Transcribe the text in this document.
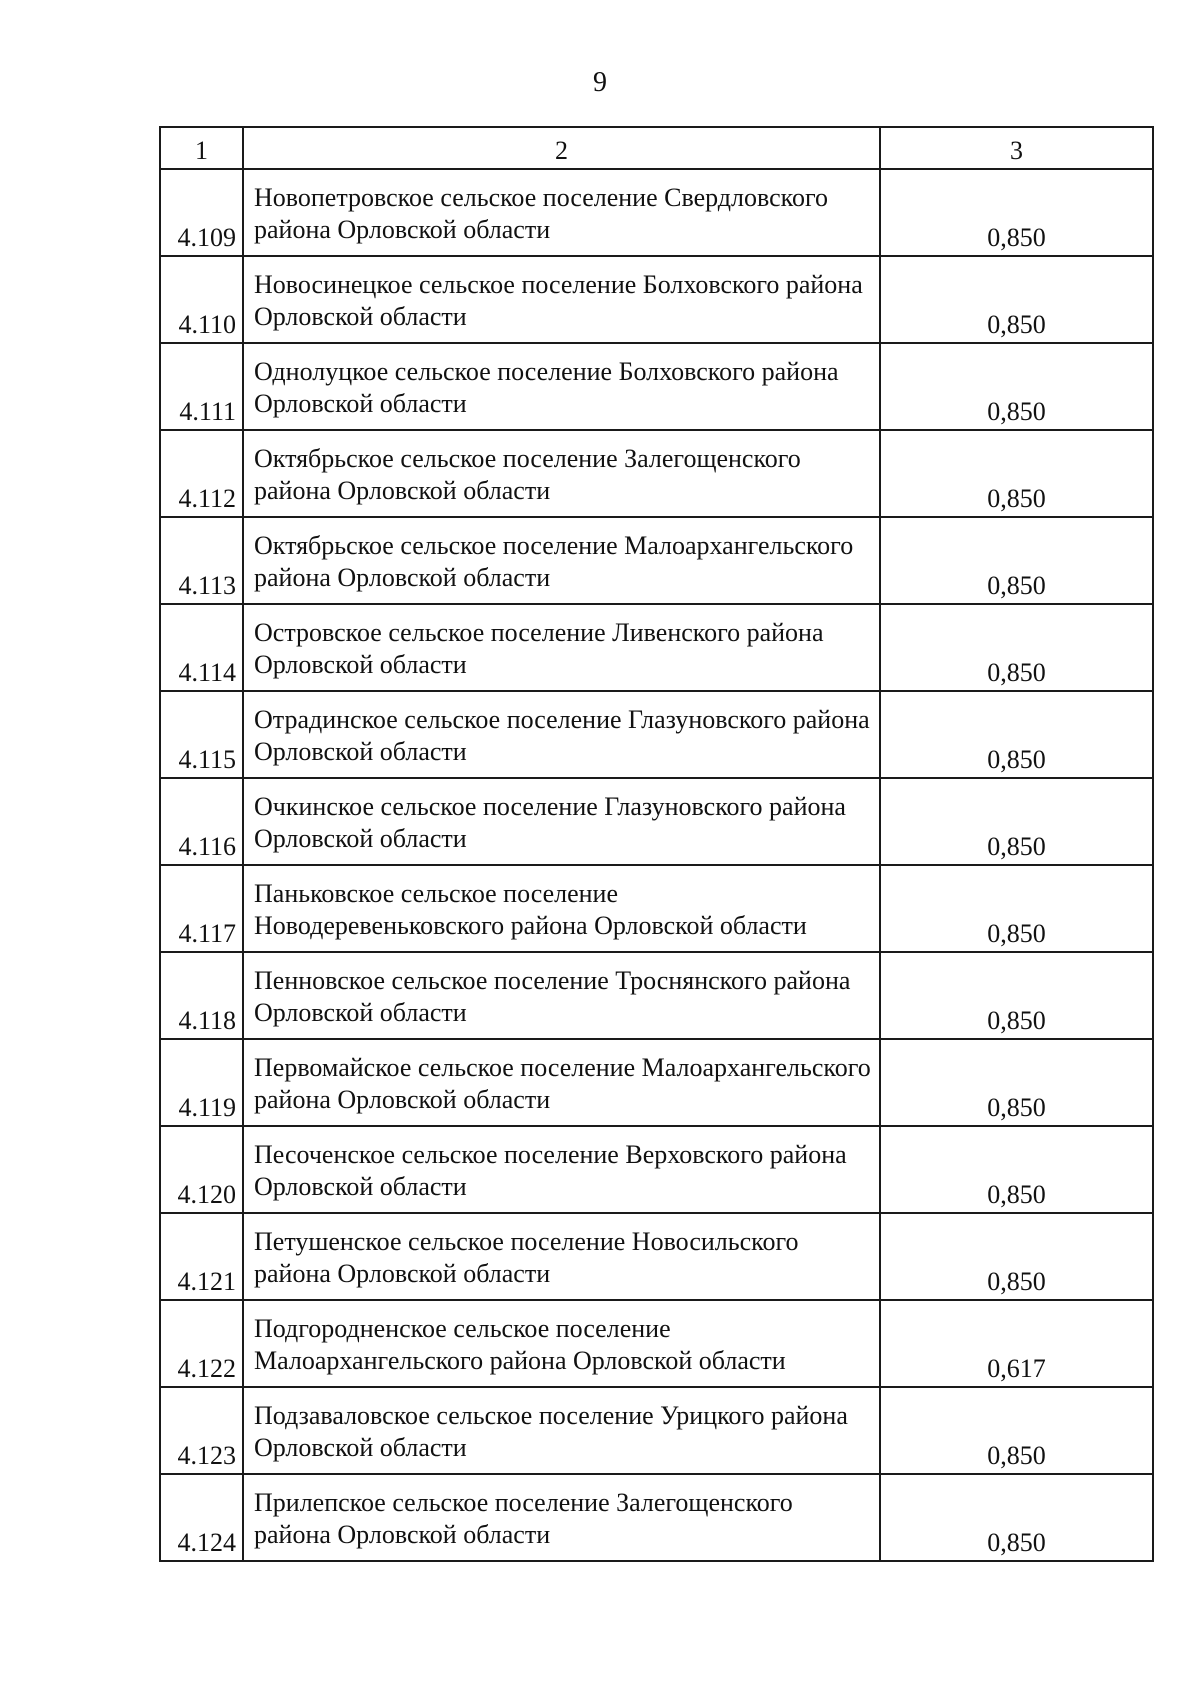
9
1	2	3
4.109	Новопетровское сельское поселение Свердловского района Орловской области	0,850
4.110	Новосинецкое сельское поселение Болховского района Орловской области	0,850
4.111	Однолуцкое сельское поселение Болховского района Орловской области	0,850
4.112	Октябрьское сельское поселение Залегощенского района Орловской области	0,850
4.113	Октябрьское сельское поселение Малоархангельского района Орловской области	0,850
4.114	Островское сельское поселение Ливенского района Орловской области	0,850
4.115	Отрадинское сельское поселение Глазуновского района Орловской области	0,850
4.116	Очкинское сельское поселение Глазуновского района Орловской области	0,850
4.117	Паньковское сельское поселение Новодеревеньковского района Орловской области	0,850
4.118	Пенновское сельское поселение Троснянского района Орловской области	0,850
4.119	Первомайское сельское поселение Малоархангельского района Орловской области	0,850
4.120	Песоченское сельское поселение Верховского района Орловской области	0,850
4.121	Петушенское сельское поселение Новосильского района Орловской области	0,850
4.122	Подгородненское сельское поселение Малоархангельского района Орловской области	0,617
4.123	Подзаваловское сельское поселение Урицкого района Орловской области	0,850
4.124	Прилепское сельское поселение Залегощенского района Орловской области	0,850
